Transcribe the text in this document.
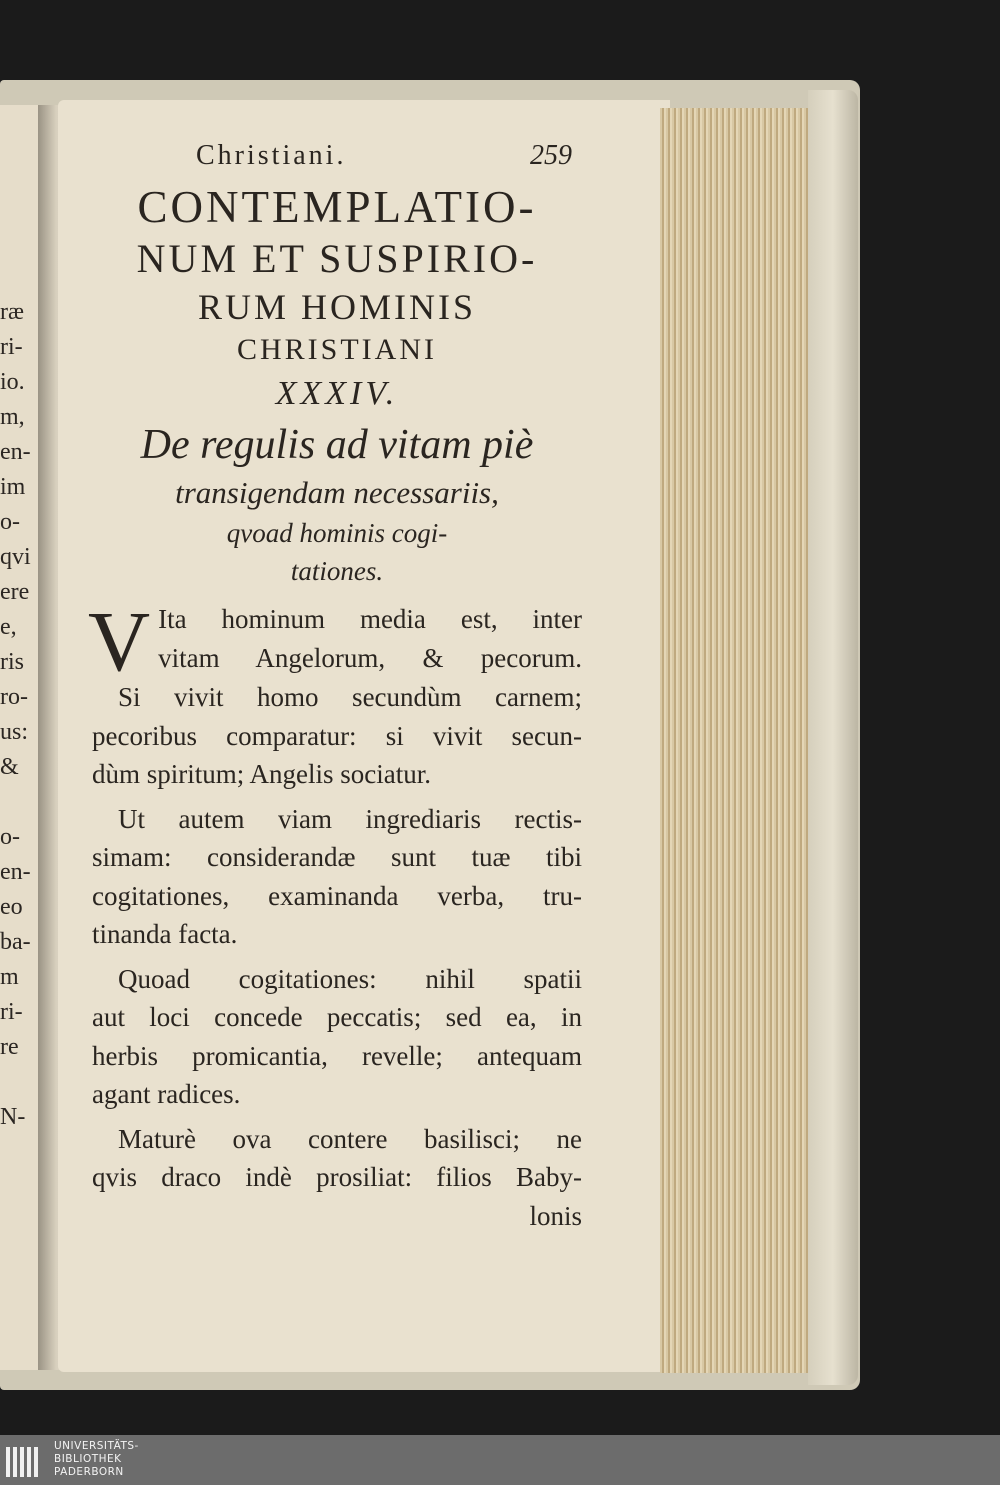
ræ
ri-
io.
m,
en-
im
o-
qvi
ere
e,
ris
ro-
us:
&
o-
en-
eo
ba-
m
ri-
re
N-
Christiani.	259
CONTEMPLATIO-
NUM ET SUSPIRIO-
RUM HOMINIS
CHRISTIANI
XXXIV.
De regulis ad vitam piè
transigendam necessariis,
qvoad hominis cogi-
tationes.
V Ita hominum media est, inter
vitam Angelorum, & pecorum.
Si vivit homo secundùm carnem;
pecoribus comparatur: si vivit secun-
dùm spiritum; Angelis sociatur.
Ut autem viam ingrediaris rectis-
simam: considerandæ sunt tuæ tibi
cogitationes, examinanda verba, tru-
tinanda facta.
Quoad cogitationes: nihil spatii
aut loci concede peccatis; sed ea, in
herbis promicantia, revelle; antequam
agant radices.
Maturè ova contere basilisci; ne
qvis draco indè prosiliat: filios Baby-
lonis
UNIVERSITÄTS-
BIBLIOTHEK
PADERBORN
